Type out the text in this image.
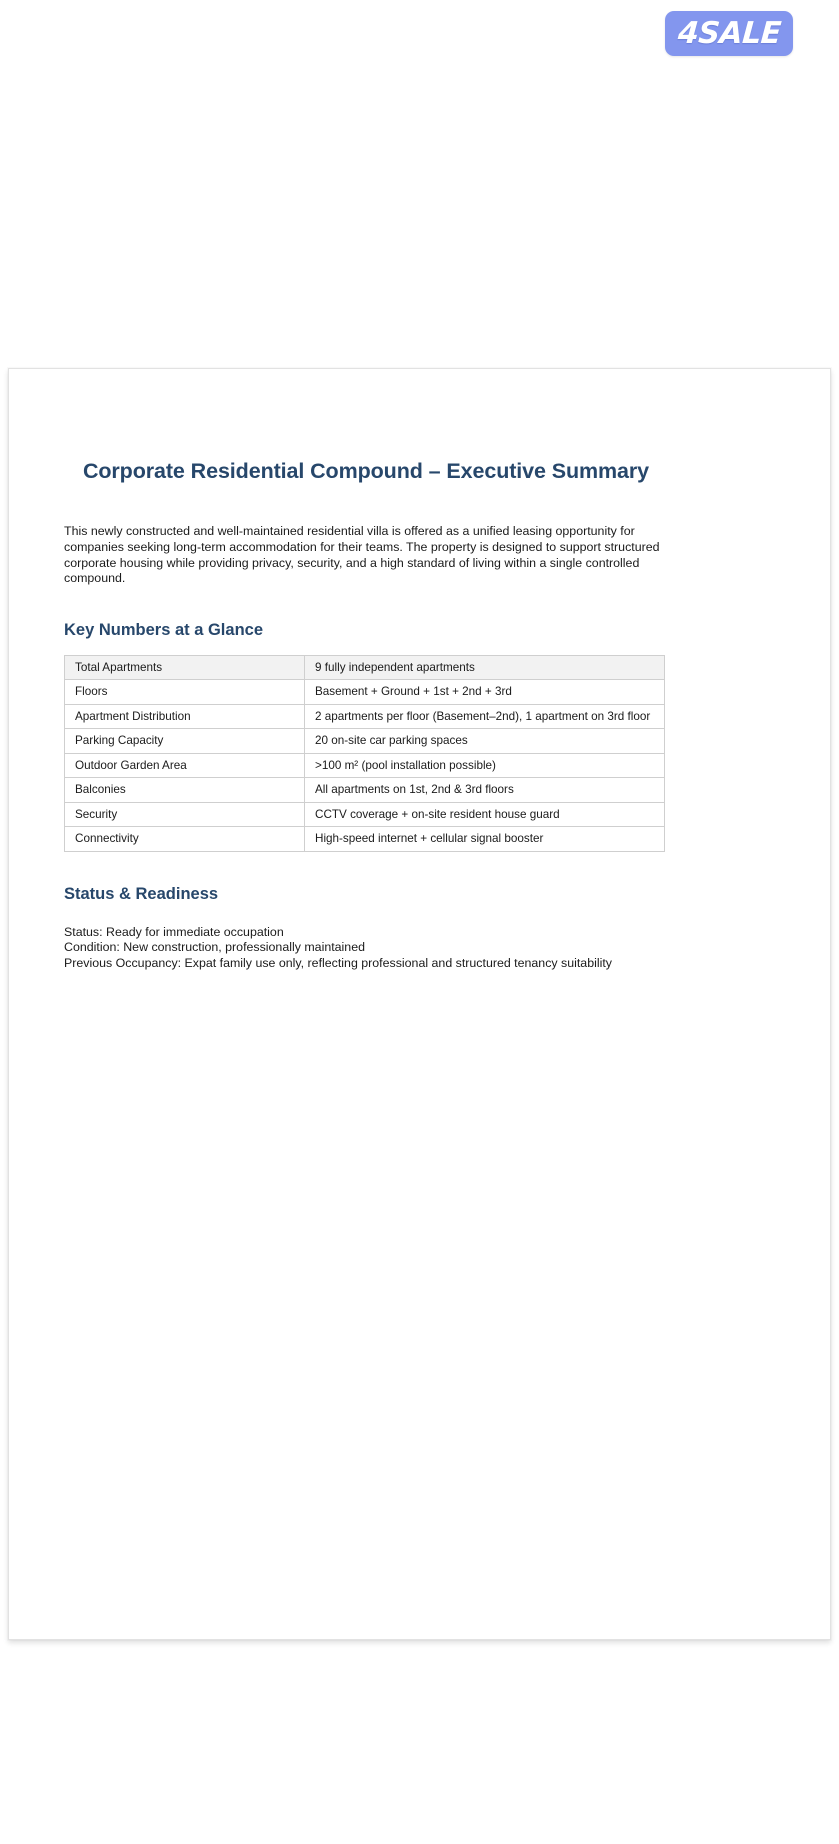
4SALE
Corporate Residential Compound – Executive Summary

This newly constructed and well-maintained residential villa is offered as a unified leasing opportunity for companies seeking long-term accommodation for their teams. The property is designed to support structured corporate housing while providing privacy, security, and a high standard of living within a single controlled compound.

Key Numbers at a Glance
Total Apartments	9 fully independent apartments
Floors	Basement + Ground + 1st + 2nd + 3rd
Apartment Distribution	2 apartments per floor (Basement–2nd), 1 apartment on 3rd floor
Parking Capacity	20 on-site car parking spaces
Outdoor Garden Area	>100 m² (pool installation possible)
Balconies	All apartments on 1st, 2nd & 3rd floors
Security	CCTV coverage + on-site resident house guard
Connectivity	High-speed internet + cellular signal booster
Status & Readiness
Status: Ready for immediate occupation
Condition: New construction, professionally maintained
Previous Occupancy: Expat family use only, reflecting professional and structured tenancy suitability
